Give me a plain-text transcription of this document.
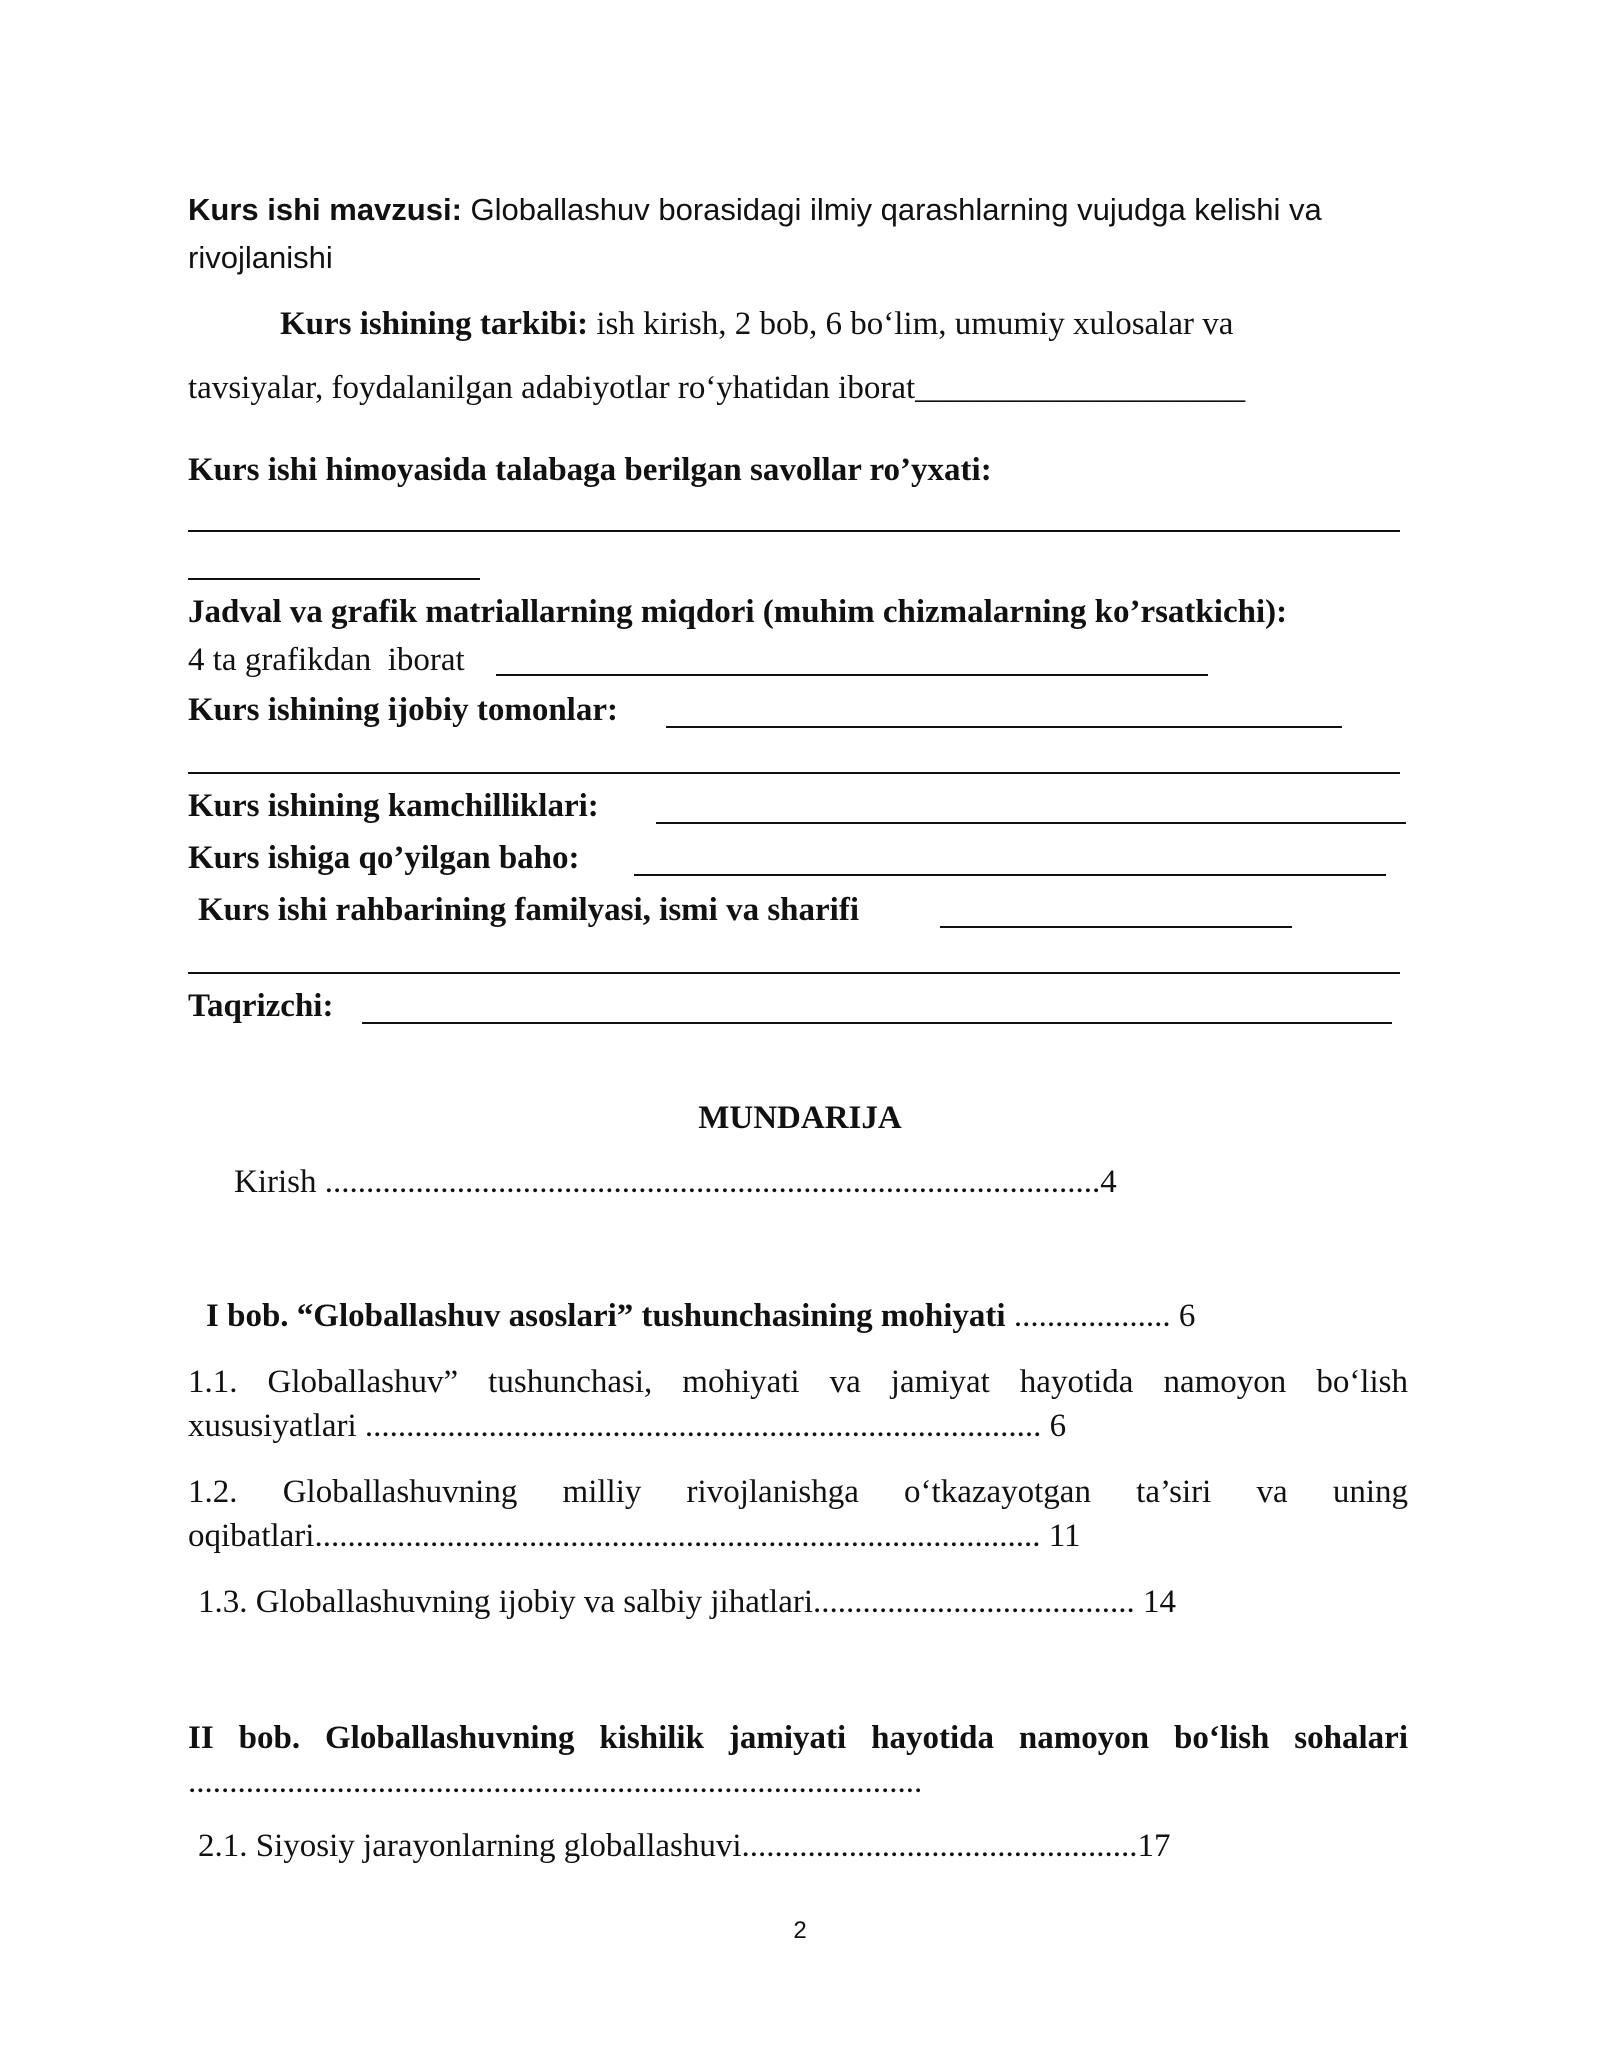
Kurs ishi mavzusi: Globallashuv borasidagi ilmiy qarashlarning vujudga kelishi va
rivojlanishi
Kurs ishining tarkibi: ish kirish, 2 bob, 6 bo‘lim, umumiy xulosalar va
tavsiyalar, foydalanilgan adabiyotlar ro‘yhatidan iborat____________________
Kurs ishi himoyasida talabaga berilgan savollar ro’yxati:
Jadval va grafik matriallarning miqdori (muhim chizmalarning ko’rsatkichi):
4 ta grafikdan  iborat
Kurs ishining ijobiy tomonlar:
Kurs ishining kamchilliklari:
Kurs ishiga qo’yilgan baho:
Kurs ishi rahbarining familyasi, ismi va sharifi
Taqrizchi:
MUNDARIJA
Kirish ..............................................................................................4
I bob. “Globallashuv asoslari” tushunchasining mohiyati ................... 6
1.1. Globallashuv” tushunchasi, mohiyati va jamiyat hayotida namoyon bo‘lish
xususiyatlari .................................................................................. 6
1.2. Globallashuvning milliy rivojlanishga o‘tkazayotgan ta’siri va uning
oqibatlari........................................................................................ 11
1.3. Globallashuvning ijobiy va salbiy jihatlari....................................... 14
II bob. Globallashuvning kishilik jamiyati hayotida namoyon bo‘lish sohalari
.........................................................................................
2.1. Siyosiy jarayonlarning globallashuvi................................................17
2
